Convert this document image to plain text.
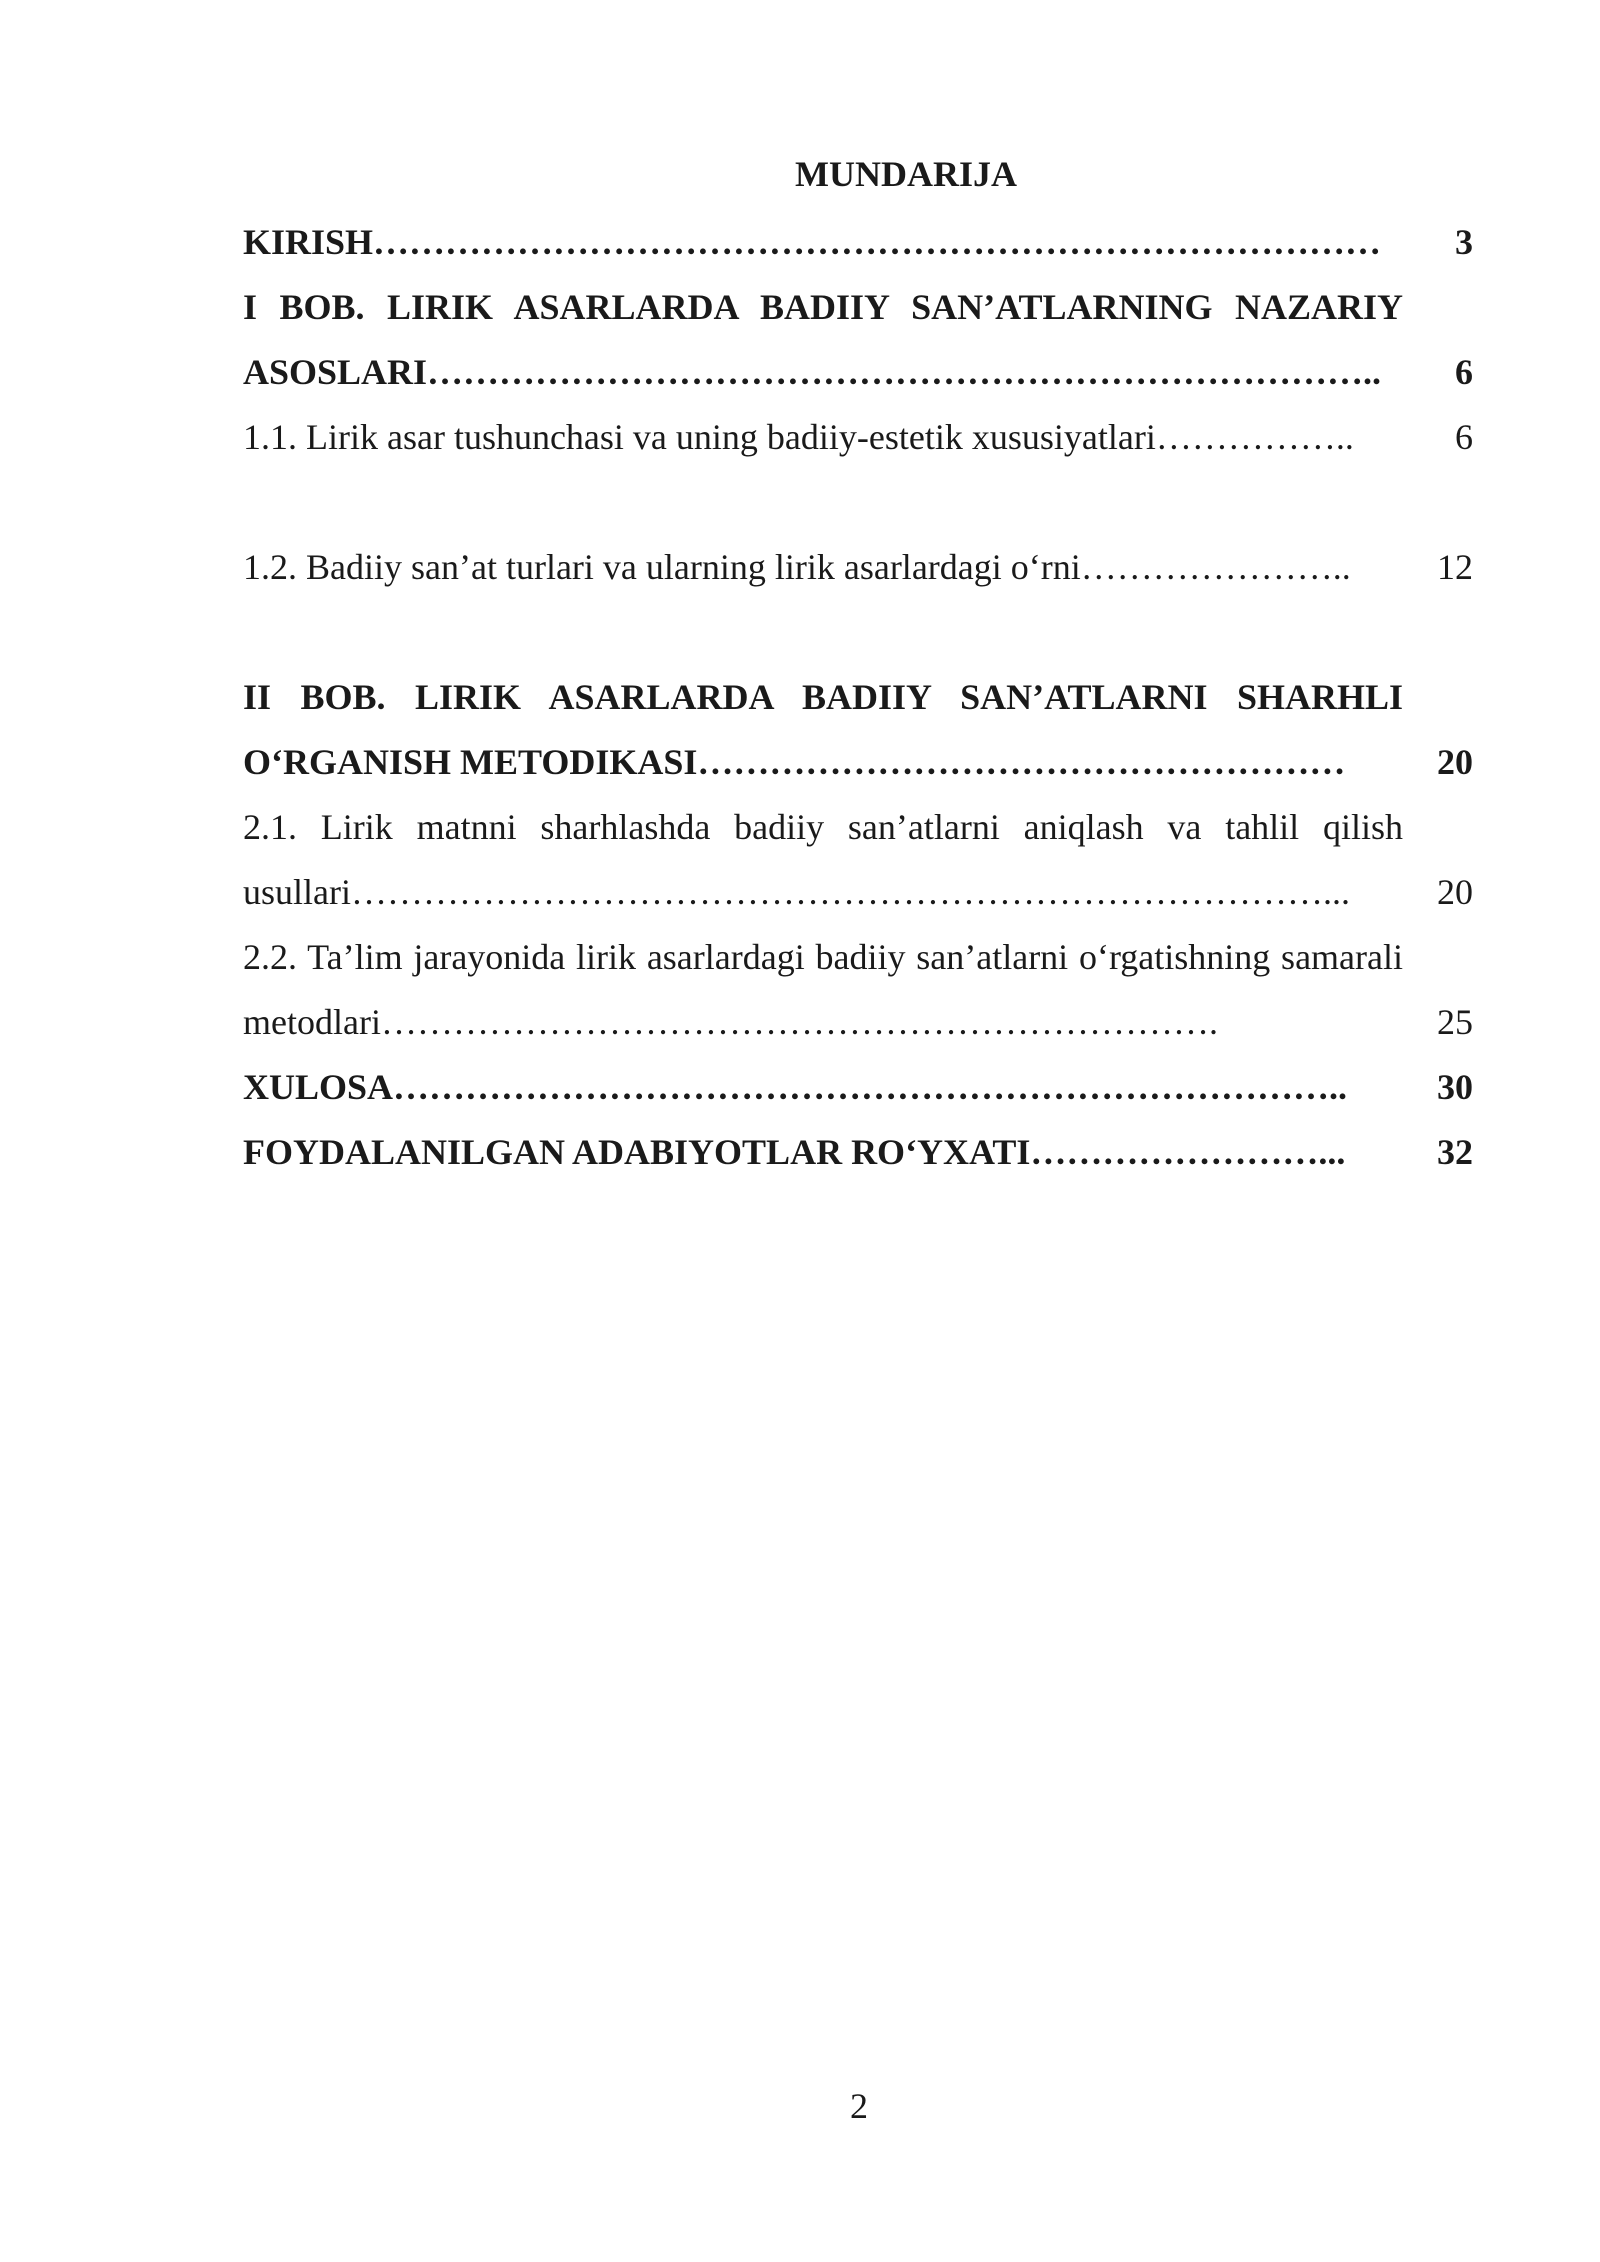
MUNDARIJA
KIRISH…………………………………………………………………………	3
I BOB. LIRIK ASARLARDA BADIIY SAN’ATLARNING NAZARIY ASOSLARI……………………………………………………………………..	6
1.1. Lirik asar tushunchasi va uning badiiy-estetik xususiyatlari……………..	6
1.2. Badiiy san’at turlari va ularning lirik asarlardagi o‘rni…………………..	12
II BOB. LIRIK ASARLARDA BADIIY SAN’ATLARNI SHARHLI O‘RGANISH METODIKASI………………………………………………	20
2.1. Lirik matnni sharhlashda badiiy san’atlarni aniqlash va tahlil qilish usullari………………………………………………………………………...	20
2.2. Ta’lim jarayonida lirik asarlardagi badiiy san’atlarni o‘rgatishning samarali metodlari…………………………………………………………….	25
XULOSA……………………………………………………………………..	30
FOYDALANILGAN ADABIYOTLAR RO‘YXATI……………………...	32
2
